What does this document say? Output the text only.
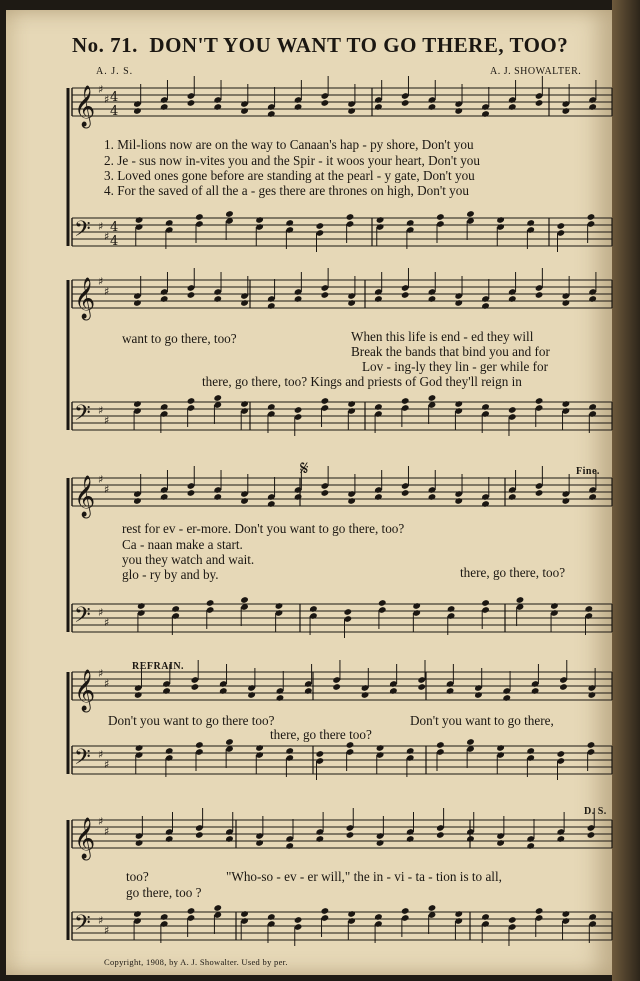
No. 71. DON'T YOU WANT TO GO THERE, TOO?
A. J. S.	A. J. SHOWALTER.
𝄞 ♯
♯
𝄢 ♯
♯
4
4
4
4
𝄞 ♯
♯
𝄢 ♯
♯
𝄞 ♯
♯
𝄢 ♯
♯
𝄞 ♯
♯
𝄢 ♯
♯
𝄞 ♯
♯
𝄢 ♯
♯
𝄋
1. Mil-lions now are on the way to Canaan's hap - py shore, Don't you
2. Je - sus now in-vites you and the Spir - it woos your heart, Don't you
3. Loved ones gone before are standing at the pearl - y gate, Don't you
4. For the saved of all the a - ges there are thrones on high, Don't you
want to go there, too?	When this life is end - ed they will
Break the bands that bind you and for
Lov - ing-ly they lin - ger while for
there, go there, too? Kings and priests of God they'll reign in
rest for ev - er-more. Don't you want to go there, too?
Ca - naan make a start.
you they watch and wait.
glo - ry by and by.	there, go there, too?
Fine.
REFRAIN.
Don't you want to go there too?	Don't you want to go there,
there, go there too?
too?	"Who-so - ev - er will," the in - vi - ta - tion is to all,
go there, too ?
D. S.
Copyright, 1908, by A. J. Showalter. Used by per.
